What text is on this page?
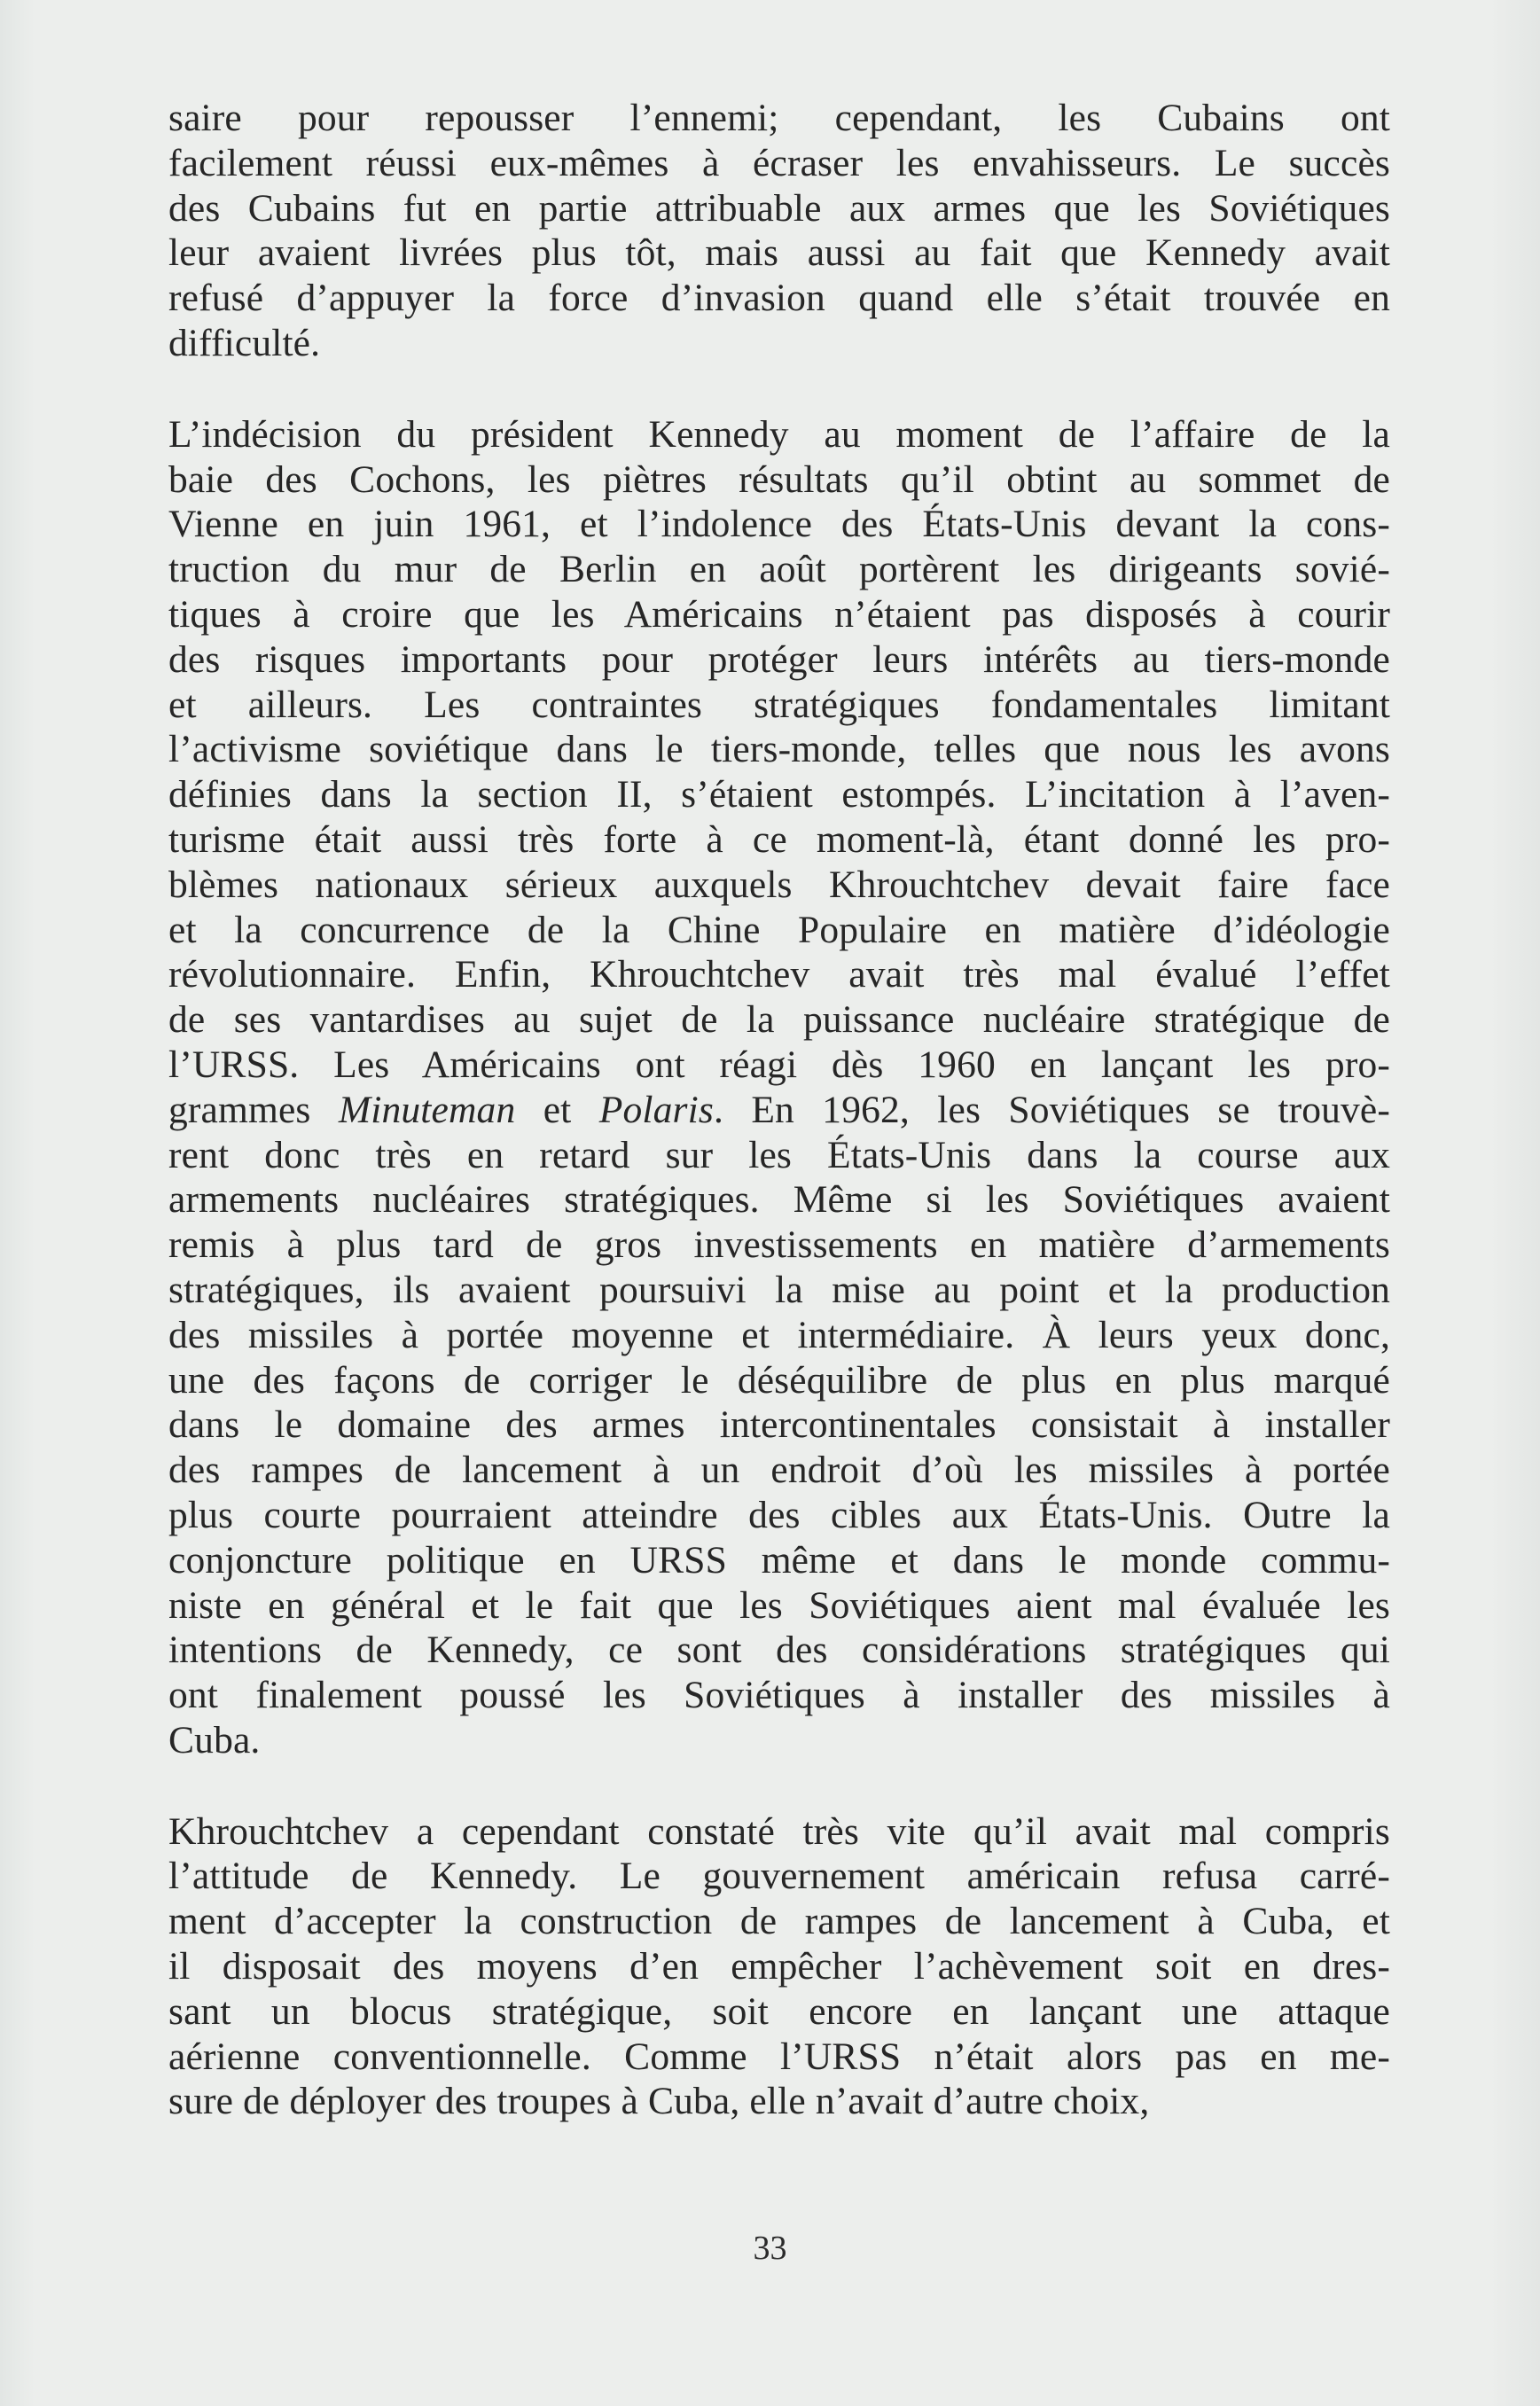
saire pour repousser l’ennemi; cependant, les Cubains ont
facilement réussi eux-mêmes à écraser les envahisseurs. Le succès
des Cubains fut en partie attribuable aux armes que les Soviétiques
leur avaient livrées plus tôt, mais aussi au fait que Kennedy avait
refusé d’appuyer la force d’invasion quand elle s’était trouvée en
difficulté.

L’indécision du président Kennedy au moment de l’affaire de la
baie des Cochons, les piètres résultats qu’il obtint au sommet de
Vienne en juin 1961, et l’indolence des États-Unis devant la cons-
truction du mur de Berlin en août portèrent les dirigeants sovié-
tiques à croire que les Américains n’étaient pas disposés à courir
des risques importants pour protéger leurs intérêts au tiers-monde
et ailleurs. Les contraintes stratégiques fondamentales limitant
l’activisme soviétique dans le tiers-monde, telles que nous les avons
définies dans la section II, s’étaient estompés. L’incitation à l’aven-
turisme était aussi très forte à ce moment-là, étant donné les pro-
blèmes nationaux sérieux auxquels Khrouchtchev devait faire face
et la concurrence de la Chine Populaire en matière d’idéologie
révolutionnaire. Enfin, Khrouchtchev avait très mal évalué l’effet
de ses vantardises au sujet de la puissance nucléaire stratégique de
l’URSS. Les Américains ont réagi dès 1960 en lançant les pro-
grammes Minuteman et Polaris. En 1962, les Soviétiques se trouvè-
rent donc très en retard sur les États-Unis dans la course aux
armements nucléaires stratégiques. Même si les Soviétiques avaient
remis à plus tard de gros investissements en matière d’armements
stratégiques, ils avaient poursuivi la mise au point et la production
des missiles à portée moyenne et intermédiaire. À leurs yeux donc,
une des façons de corriger le déséquilibre de plus en plus marqué
dans le domaine des armes intercontinentales consistait à installer
des rampes de lancement à un endroit d’où les missiles à portée
plus courte pourraient atteindre des cibles aux États-Unis. Outre la
conjoncture politique en URSS même et dans le monde commu-
niste en général et le fait que les Soviétiques aient mal évaluée les
intentions de Kennedy, ce sont des considérations stratégiques qui
ont finalement poussé les Soviétiques à installer des missiles à
Cuba.

Khrouchtchev a cependant constaté très vite qu’il avait mal compris
l’attitude de Kennedy. Le gouvernement américain refusa carré-
ment d’accepter la construction de rampes de lancement à Cuba, et
il disposait des moyens d’en empêcher l’achèvement soit en dres-
sant un blocus stratégique, soit encore en lançant une attaque
aérienne conventionnelle. Comme l’URSS n’était alors pas en me-
sure de déployer des troupes à Cuba, elle n’avait d’autre choix,

33
